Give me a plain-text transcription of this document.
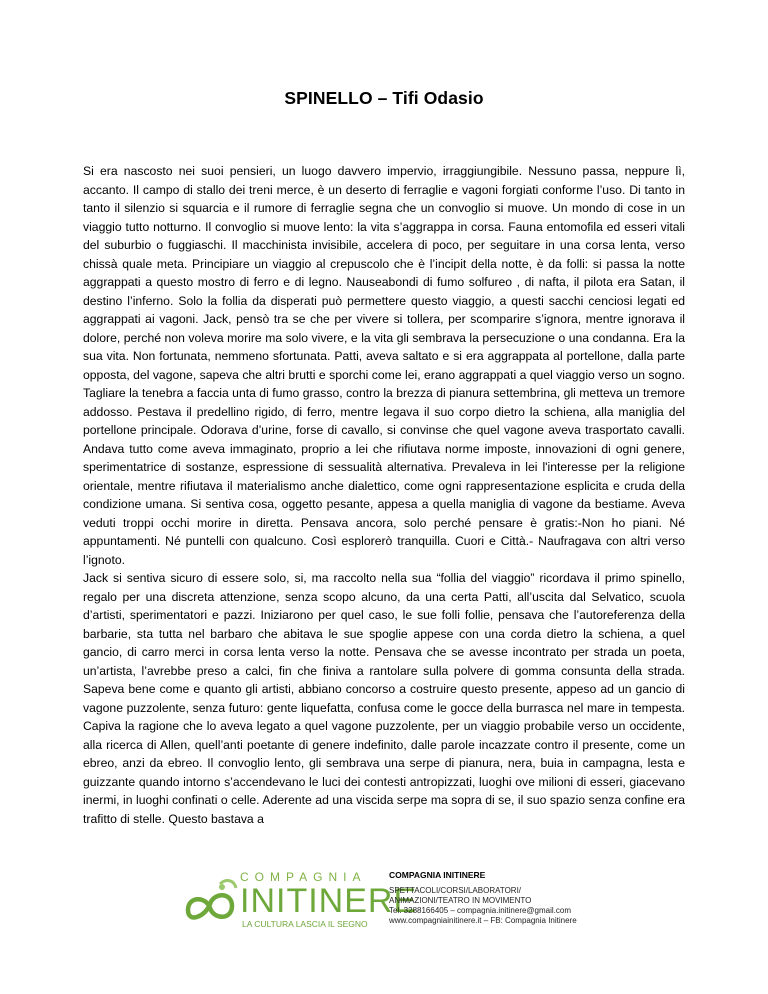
SPINELLO – Tifi Odasio

Si era nascosto nei suoi pensieri, un luogo davvero impervio, irraggiungibile. Nessuno passa, neppure lì, accanto. Il campo di stallo dei treni merce, è un deserto di ferraglie e vagoni forgiati conforme l’uso. Di tanto in tanto il silenzio si squarcia e il rumore di ferraglie segna che un convoglio si muove. Un mondo di cose in un viaggio tutto notturno. Il convoglio si muove lento: la vita s’aggrappa in corsa. Fauna entomofila ed esseri vitali del suburbio o fuggiaschi. Il macchinista invisibile, accelera di poco, per seguitare in una corsa lenta, verso chissà quale meta. Principiare un viaggio al crepuscolo che è l’incipit della notte, è da folli: si passa la notte aggrappati a questo mostro di ferro e di legno. Nauseabondi di fumo solfureo , di nafta, il pilota era Satan, il destino l’inferno. Solo la follia da disperati può permettere questo viaggio, a questi sacchi cenciosi legati ed aggrappati ai vagoni. Jack, pensò tra se che per vivere si tollera, per scomparire s’ignora, mentre ignorava il dolore, perché non voleva morire ma solo vivere, e la vita gli sembrava la persecuzione o una condanna. Era la sua vita. Non fortunata, nemmeno sfortunata. Patti, aveva saltato e si era aggrappata al portellone, dalla parte opposta, del vagone, sapeva che altri brutti e sporchi come lei, erano aggrappati a quel viaggio verso un sogno. Tagliare la tenebra a faccia unta di fumo grasso, contro la brezza di pianura settembrina, gli metteva un tremore addosso. Pestava il predellino rigido, di ferro, mentre legava il suo corpo dietro la schiena, alla maniglia del portellone principale. Odorava d’urine, forse di cavallo, si convinse che quel vagone aveva trasportato cavalli. Andava tutto come aveva immaginato, proprio a lei che rifiutava norme imposte, innovazioni di ogni genere, sperimentatrice di sostanze, espressione di sessualità alternativa. Prevaleva in lei l'interesse per la religione orientale, mentre rifiutava il materialismo anche dialettico, come ogni rappresentazione esplicita e cruda della condizione umana. Si sentiva cosa, oggetto pesante, appesa a quella maniglia di vagone da bestiame. Aveva veduti troppi occhi morire in diretta. Pensava ancora, solo perché pensare è gratis:-Non ho piani. Né appuntamenti. Né puntelli con qualcuno. Così esplorerò tranquilla. Cuori e Città.- Naufragava con altri verso l’ignoto.

Jack si sentiva sicuro di essere solo, si, ma raccolto nella sua “follia del viaggio” ricordava il primo spinello, regalo per una discreta attenzione, senza scopo alcuno, da una certa Patti, all’uscita dal Selvatico, scuola d’artisti, sperimentatori e pazzi. Iniziarono per quel caso, le sue folli follie, pensava che l’autoreferenza della barbarie, sta tutta nel barbaro che abitava le sue spoglie appese con una corda dietro la schiena, a quel gancio, di carro merci in corsa lenta verso la notte. Pensava che se avesse incontrato per strada un poeta, un’artista, l’avrebbe preso a calci, fin che finiva a rantolare sulla polvere di gomma consunta della strada. Sapeva bene come e quanto gli artisti, abbiano concorso a costruire questo presente, appeso ad un gancio di vagone puzzolente, senza futuro: gente liquefatta, confusa come le gocce della burrasca nel mare in tempesta. Capiva la ragione che lo aveva legato a quel vagone puzzolente, per un viaggio probabile verso un occidente, alla ricerca di Allen, quell’anti poetante di genere indefinito, dalle parole incazzate contro il presente, come un ebreo, anzi da ebreo. Il convoglio lento, gli sembrava una serpe di pianura, nera, buia in campagna, lesta e guizzante quando intorno s’accendevano le luci dei contesti antropizzati, luoghi ove milioni di esseri, giacevano inermi, in luoghi confinati o celle. Aderente ad una viscida serpe ma sopra di se, il suo spazio senza confine era trafitto di stelle. Questo bastava a

COMPAGNIA
INITINERE
LA CULTURA LASCIA IL SEGNO
COMPAGNIA INITINERE
SPETTACOLI/CORSI/LABORATORI/
ANIMAZIONI/TEATRO IN MOVIMENTO
Tel. 3288166405 – compagnia.initinere@gmail.com
www.compagniainitinere.it – FB: Compagnia Initinere
